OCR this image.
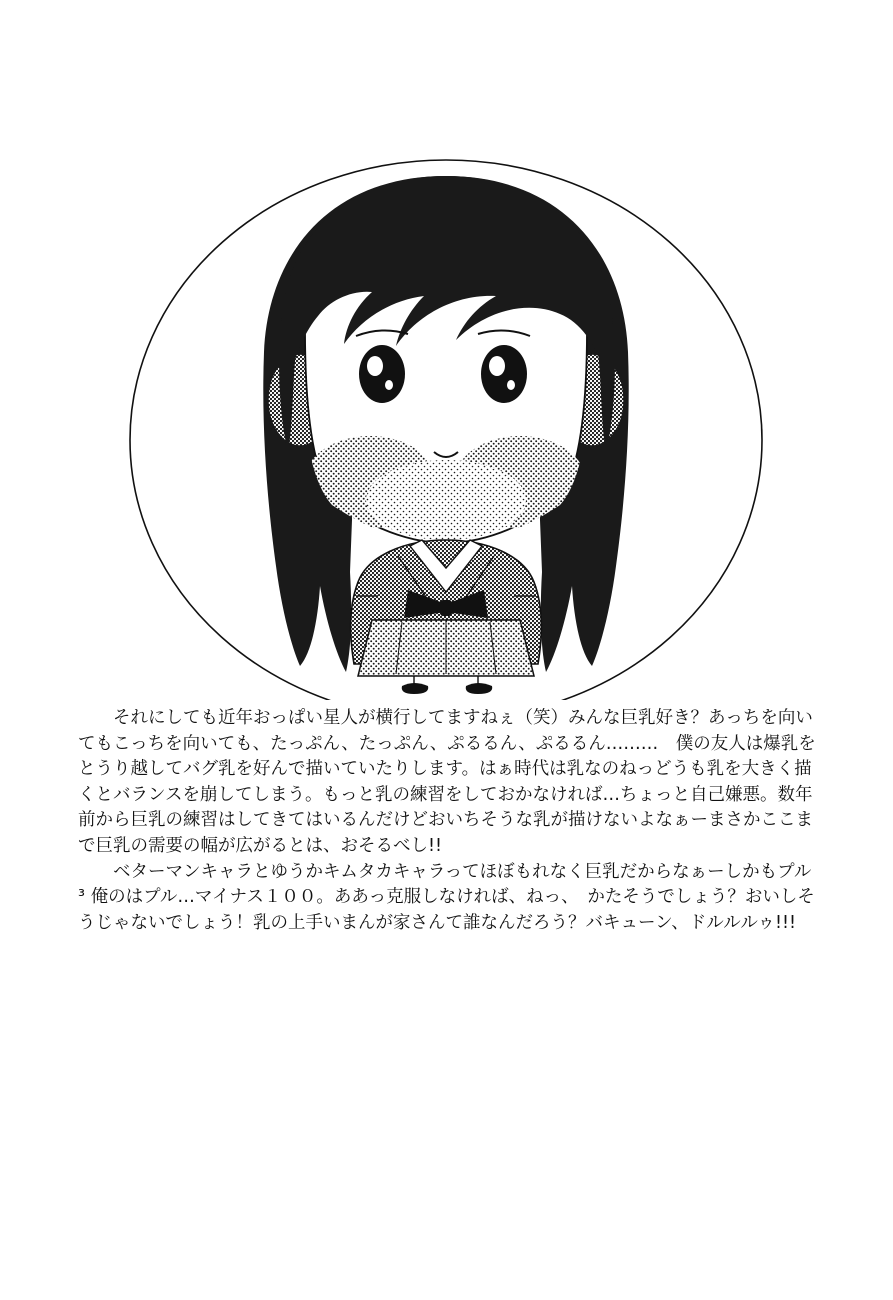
それにしても近年おっぱい星人が横行してますねぇ（笑）みんな巨乳好き？あっちを向いてもこっちを向いても、たっぷん、たっぷん、ぷるるん、ぷるるん………　僕の友人は爆乳をとうり越してバグ乳を好んで描いていたりします。はぁ時代は乳なのねっどうも乳を大きく描くとバランスを崩してしまう。もっと乳の練習をしておかなければ…ちょっと自己嫌悪。数年前から巨乳の練習はしてきてはいるんだけどおいちそうな乳が描けないよなぁーまさかここまで巨乳の需要の幅が広がるとは、おそるべし!!

ベターマンキャラとゆうかキムタカキャラってほぼもれなく巨乳だからなぁーしかもプル³ 俺のはプル…マイナス１００。ああっ克服しなければ、ねっ、　かたそうでしょう？おいしそうじゃないでしょう！乳の上手いまんが家さんて誰なんだろう？バキューン、ドルルルゥ!!!
